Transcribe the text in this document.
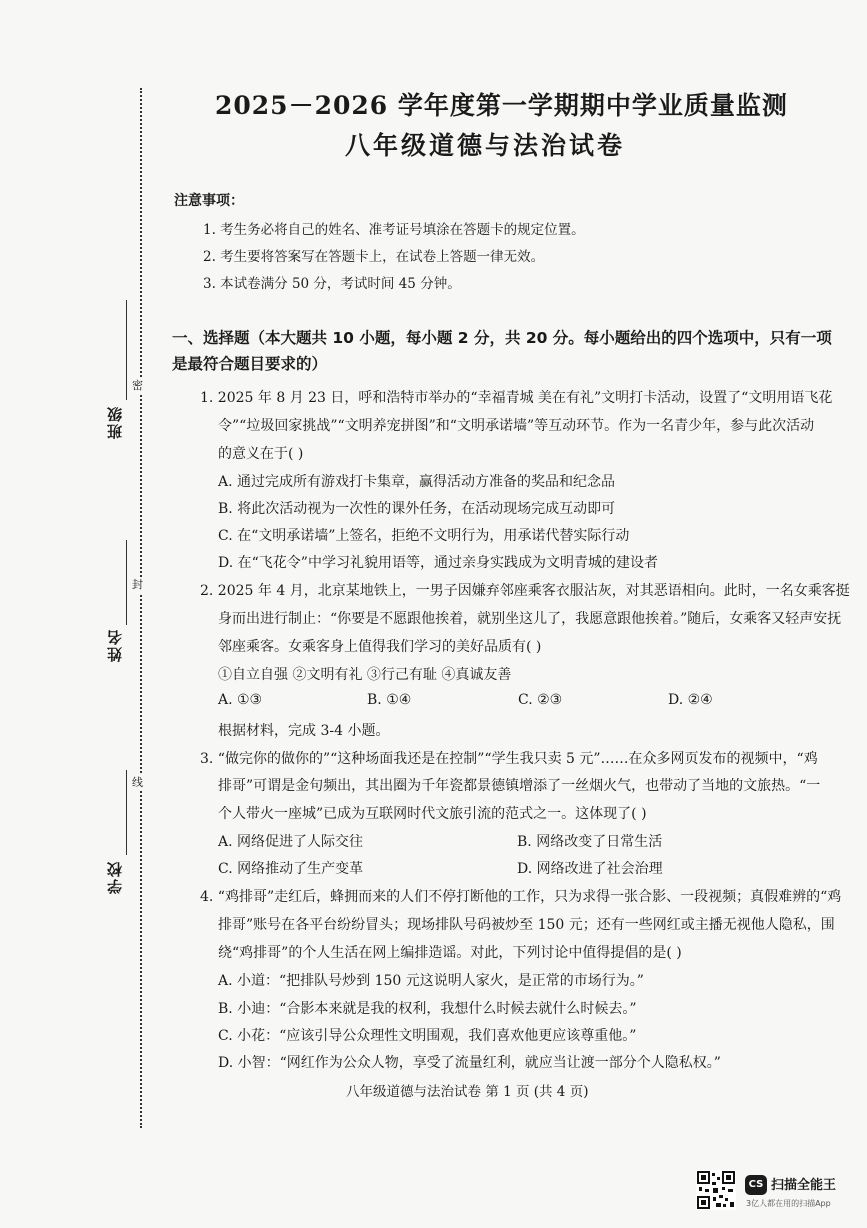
密
封
线
班级
姓名
学校
2025－2026 学年度第一学期期中学业质量监测
八年级道德与法治试卷
注意事项：
1. 考生务必将自己的姓名、准考证号填涂在答题卡的规定位置。
2. 考生要将答案写在答题卡上，在试卷上答题一律无效。
3. 本试卷满分 50 分，考试时间 45 分钟。
一、选择题（本大题共 10 小题，每小题 2 分，共 20 分。每小题给出的四个选项中，只有一项是最符合题目要求的）
1. 2025 年 8 月 23 日，呼和浩特市举办的“幸福青城 美在有礼”文明打卡活动，设置了“文明用语飞花
令”“垃圾回家挑战”“文明养宠拼图”和“文明承诺墙”等互动环节。作为一名青少年，参与此次活动
的意义在于( )
A. 通过完成所有游戏打卡集章，赢得活动方准备的奖品和纪念品
B. 将此次活动视为一次性的课外任务，在活动现场完成互动即可
C. 在“文明承诺墙”上签名，拒绝不文明行为，用承诺代替实际行动
D. 在“飞花令”中学习礼貌用语等，通过亲身实践成为文明青城的建设者
2. 2025 年 4 月，北京某地铁上，一男子因嫌弃邻座乘客衣服沾灰，对其恶语相向。此时，一名女乘客挺
身而出进行制止：“你要是不愿跟他挨着，就别坐这儿了，我愿意跟他挨着。”随后，女乘客又轻声安抚
邻座乘客。女乘客身上值得我们学习的美好品质有( )
①自立自强 ②文明有礼 ③行己有耻 ④真诚友善
A. ①③	B. ①④	C. ②③	D. ②④
根据材料，完成 3-4 小题。
3. “做完你的做你的”“这种场面我还是在控制”“学生我只卖 5 元”……在众多网页发布的视频中，“鸡
排哥”可谓是金句频出，其出圈为千年瓷都景德镇增添了一丝烟火气，也带动了当地的文旅热。“一
个人带火一座城”已成为互联网时代文旅引流的范式之一。这体现了( )
A. 网络促进了人际交往	B. 网络改变了日常生活
C. 网络推动了生产变革	D. 网络改进了社会治理
4. “鸡排哥”走红后，蜂拥而来的人们不停打断他的工作，只为求得一张合影、一段视频；真假难辨的“鸡
排哥”账号在各平台纷纷冒头；现场排队号码被炒至 150 元；还有一些网红或主播无视他人隐私，围
绕“鸡排哥”的个人生活在网上编排造谣。对此，下列讨论中值得提倡的是( )
A. 小道：“把排队号炒到 150 元这说明人家火，是正常的市场行为。”
B. 小迪：“合影本来就是我的权利，我想什么时候去就什么时候去。”
C. 小花：“应该引导公众理性文明围观，我们喜欢他更应该尊重他。”
D. 小智：“网红作为公众人物，享受了流量红利，就应当让渡一部分个人隐私权。”
八年级道德与法治试卷 第 1 页 (共 4 页)
CS 扫描全能王
3亿人都在用的扫描App
